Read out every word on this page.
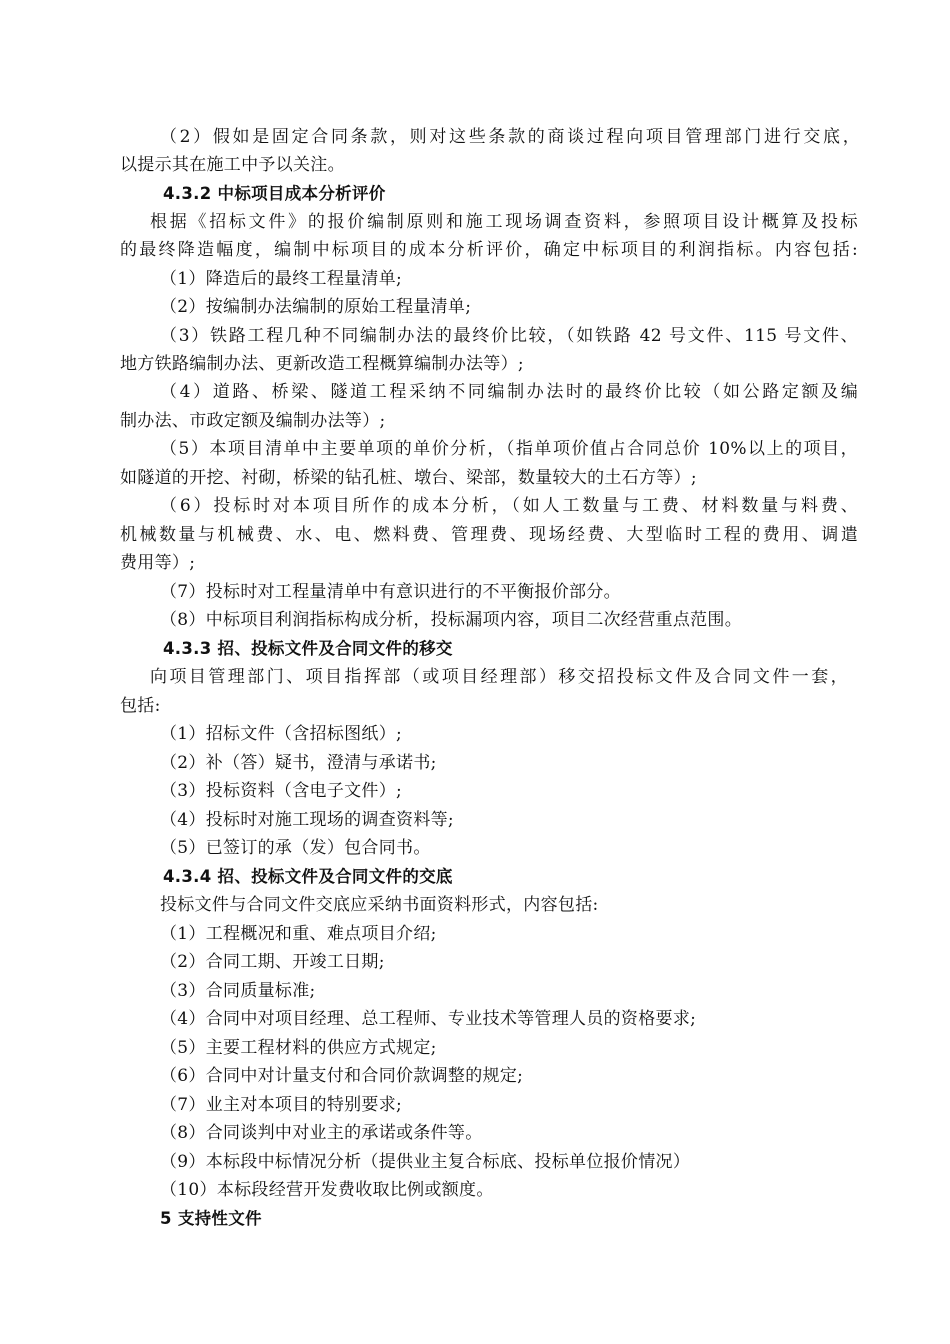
（2）假如是固定合同条款，则对这些条款的商谈过程向项目管理部门进行交底，
以提示其在施工中予以关注。
4.3.2 中标项目成本分析评价
根据《招标文件》的报价编制原则和施工现场调查资料，参照项目设计概算及投标
的最终降造幅度，编制中标项目的成本分析评价，确定中标项目的利润指标。内容包括:
（1）降造后的最终工程量清单;
（2）按编制办法编制的原始工程量清单;
（3）铁路工程几种不同编制办法的最终价比较，（如铁路 42 号文件、115 号文件、
地方铁路编制办法、更新改造工程概算编制办法等）;
（4）道路、桥梁、隧道工程采纳不同编制办法时的最终价比较（如公路定额及编
制办法、市政定额及编制办法等）;
（5）本项目清单中主要单项的单价分析，（指单项价值占合同总价 10%以上的项目，
如隧道的开挖、衬砌，桥梁的钻孔桩、墩台、梁部，数量较大的土石方等）;
（6）投标时对本项目所作的成本分析，（如人工数量与工费、材料数量与料费、
机械数量与机械费、水、电、燃料费、管理费、现场经费、大型临时工程的费用、调遣
费用等）;
（7）投标时对工程量清单中有意识进行的不平衡报价部分。
（8）中标项目利润指标构成分析，投标漏项内容，项目二次经营重点范围。
4.3.3 招、投标文件及合同文件的移交
向项目管理部门、项目指挥部（或项目经理部）移交招投标文件及合同文件一套，
包括:
（1）招标文件（含招标图纸）;
（2）补（答）疑书，澄清与承诺书;
（3）投标资料（含电子文件）;
（4）投标时对施工现场的调查资料等;
（5）已签订的承（发）包合同书。
4.3.4 招、投标文件及合同文件的交底
投标文件与合同文件交底应采纳书面资料形式，内容包括:
（1）工程概况和重、难点项目介绍;
（2）合同工期、开竣工日期;
（3）合同质量标准;
（4）合同中对项目经理、总工程师、专业技术等管理人员的资格要求;
（5）主要工程材料的供应方式规定;
（6）合同中对计量支付和合同价款调整的规定;
（7）业主对本项目的特别要求;
（8）合同谈判中对业主的承诺或条件等。
（9）本标段中标情况分析（提供业主复合标底、投标单位报价情况）
（10）本标段经营开发费收取比例或额度。
5 支持性文件
